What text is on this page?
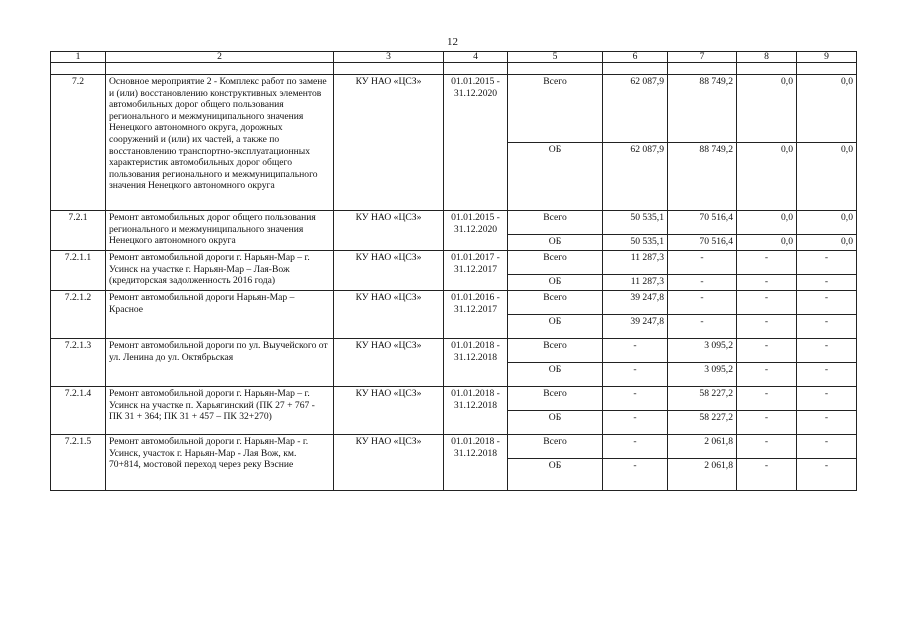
12
1	2	3	4	5	6	7	8	9

7.2	Основное мероприятие 2 - Комплекс работ по замене и (или) восстановлению конструктивных элементов автомобильных дорог общего пользования регионального и межмуниципального значения Ненецкого автономного округа, дорожных сооружений и (или) их частей, а также по восстановлению транспортно-эксплуатационных характеристик автомобильных дорог общего пользования регионального и межмуниципального значения Ненецкого автономного округа	КУ НАО «ЦСЗ»	01.01.2015 - 31.12.2020	Всего	62 087,9	88 749,2	0,0	0,0
				ОБ	62 087,9	88 749,2	0,0	0,0
7.2.1	Ремонт автомобильных дорог общего пользования регионального и межмуниципального значения Ненецкого автономного округа	КУ НАО «ЦСЗ»	01.01.2015 - 31.12.2020	Всего	50 535,1	70 516,4	0,0	0,0
				ОБ	50 535,1	70 516,4	0,0	0,0
7.2.1.1	Ремонт автомобильной дороги г. Нарьян-Мар – г. Усинск на участке г. Нарьян-Мар – Лая-Вож (кредиторская задолженность 2016 года)	КУ НАО «ЦСЗ»	01.01.2017 - 31.12.2017	Всего	11 287,3	-	-	-
				ОБ	11 287,3	-	-	-
7.2.1.2	Ремонт автомобильной дороги Нарьян-Мар – Красное	КУ НАО «ЦСЗ»	01.01.2016 - 31.12.2017	Всего	39 247,8	-	-	-
				ОБ	39 247,8	-	-	-
7.2.1.3	Ремонт автомобильной дороги по ул. Выучейского от ул. Ленина до ул. Октябрьская	КУ НАО «ЦСЗ»	01.01.2018 - 31.12.2018	Всего	-	3 095,2	-	-
				ОБ	-	3 095,2	-	-
7.2.1.4	Ремонт автомобильной дороги г. Нарьян-Мар – г. Усинск на участке п. Харьягинский (ПК 27 + 767 - ПК 31 + 364; ПК 31 + 457 – ПК 32+270)	КУ НАО «ЦСЗ»	01.01.2018 - 31.12.2018	Всего	-	58 227,2	-	-
				ОБ	-	58 227,2	-	-
7.2.1.5	Ремонт автомобильной дороги г. Нарьян-Мар - г. Усинск, участок г. Нарьян-Мар - Лая Вож, км. 70+814, мостовой переход через реку Вэсние	КУ НАО «ЦСЗ»	01.01.2018 - 31.12.2018	Всего	-	2 061,8	-	-
				ОБ	-	2 061,8	-	-
